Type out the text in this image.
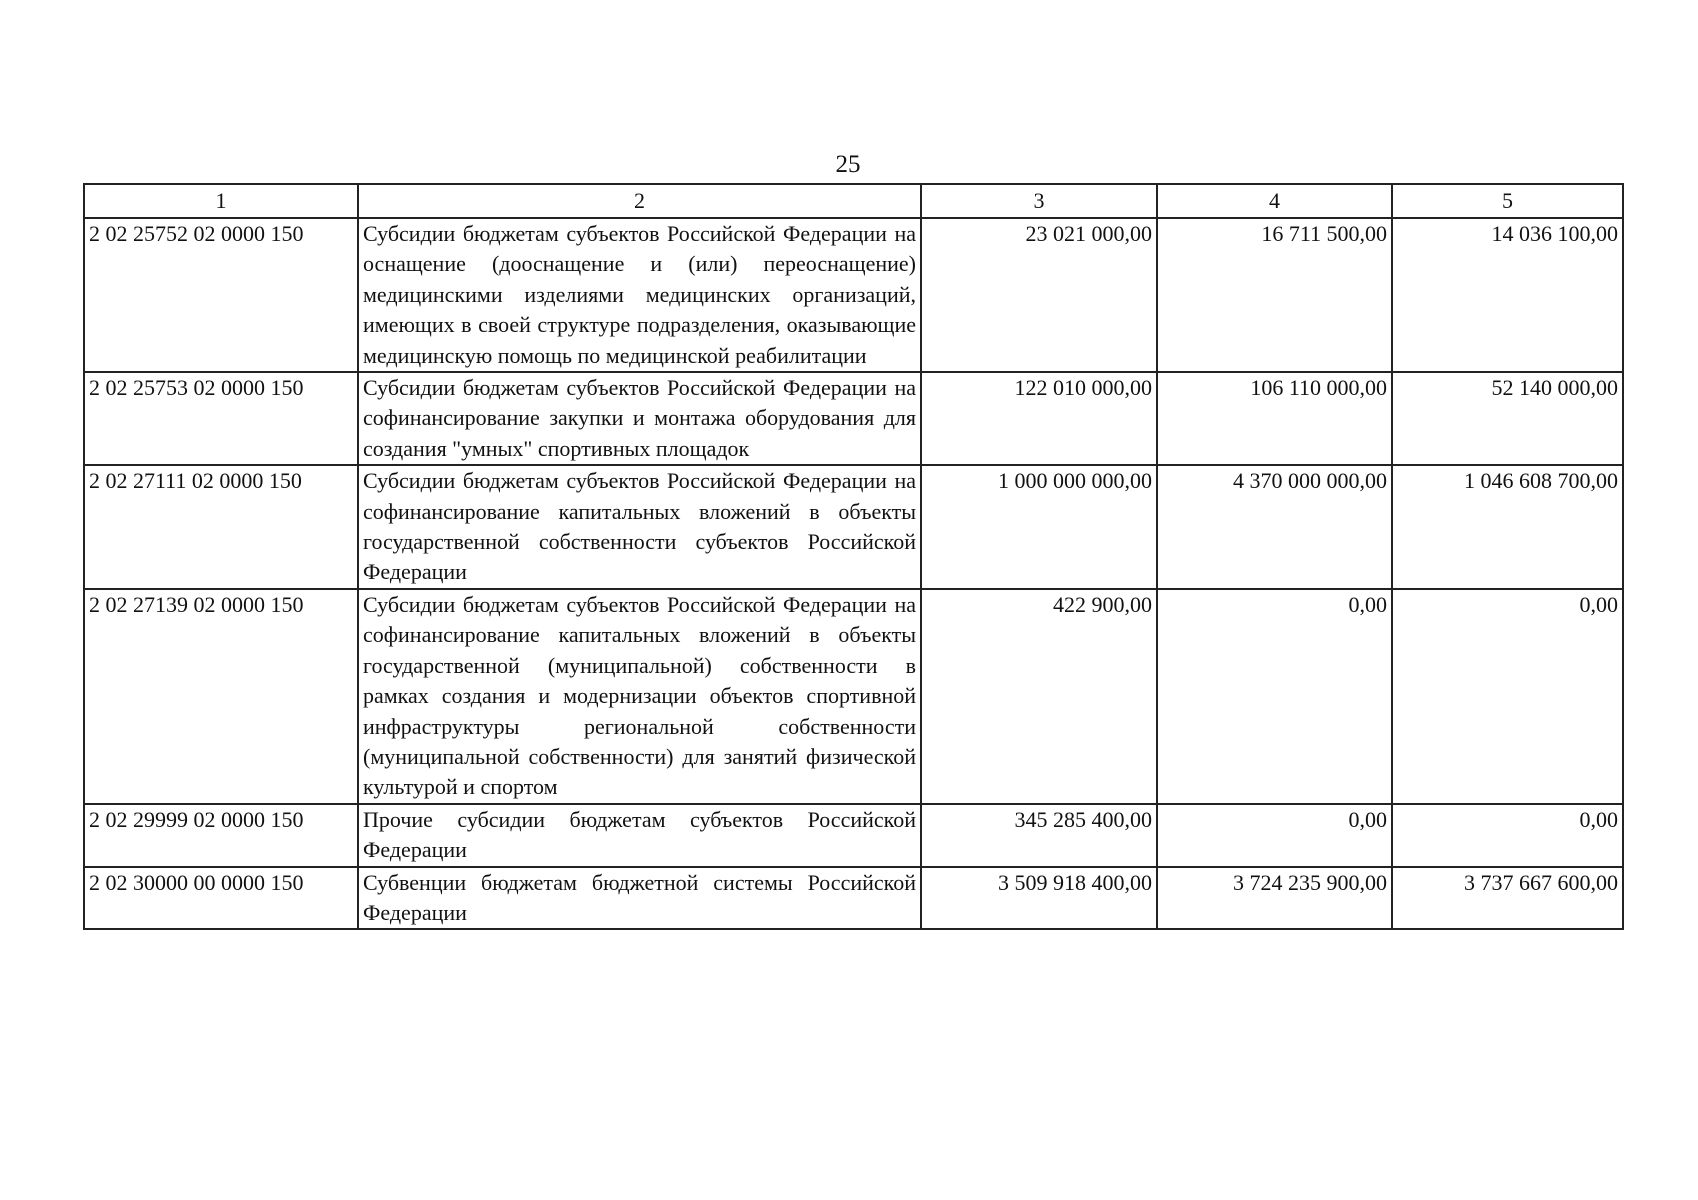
25
1	2	3	4	5
2 02 25752 02 0000 150	Субсидии бюджетам субъектов Российской Федерации на оснащение (дооснащение и (или) переоснащение) медицинскими изделиями медицинских организаций, имеющих в своей структуре подразделения, оказывающие медицинскую помощь по медицинской реабилитации	23 021 000,00	16 711 500,00	14 036 100,00
2 02 25753 02 0000 150	Субсидии бюджетам субъектов Российской Федерации на софинансирование закупки и монтажа оборудования для создания "умных" спортивных площадок	122 010 000,00	106 110 000,00	52 140 000,00
2 02 27111 02 0000 150	Субсидии бюджетам субъектов Российской Федерации на софинансирование капитальных вложений в объекты государственной собственности субъектов Российской Федерации	1 000 000 000,00	4 370 000 000,00	1 046 608 700,00
2 02 27139 02 0000 150	Субсидии бюджетам субъектов Российской Федерации на софинансирование капитальных вложений в объекты государственной (муниципальной) собственности в рамках создания и модернизации объектов спортивной инфраструктуры региональной собственности (муниципальной собственности) для занятий физической культурой и спортом	422 900,00	0,00	0,00
2 02 29999 02 0000 150	Прочие субсидии бюджетам субъектов Российской Федерации	345 285 400,00	0,00	0,00
2 02 30000 00 0000 150	Субвенции бюджетам бюджетной системы Российской Федерации	3 509 918 400,00	3 724 235 900,00	3 737 667 600,00
